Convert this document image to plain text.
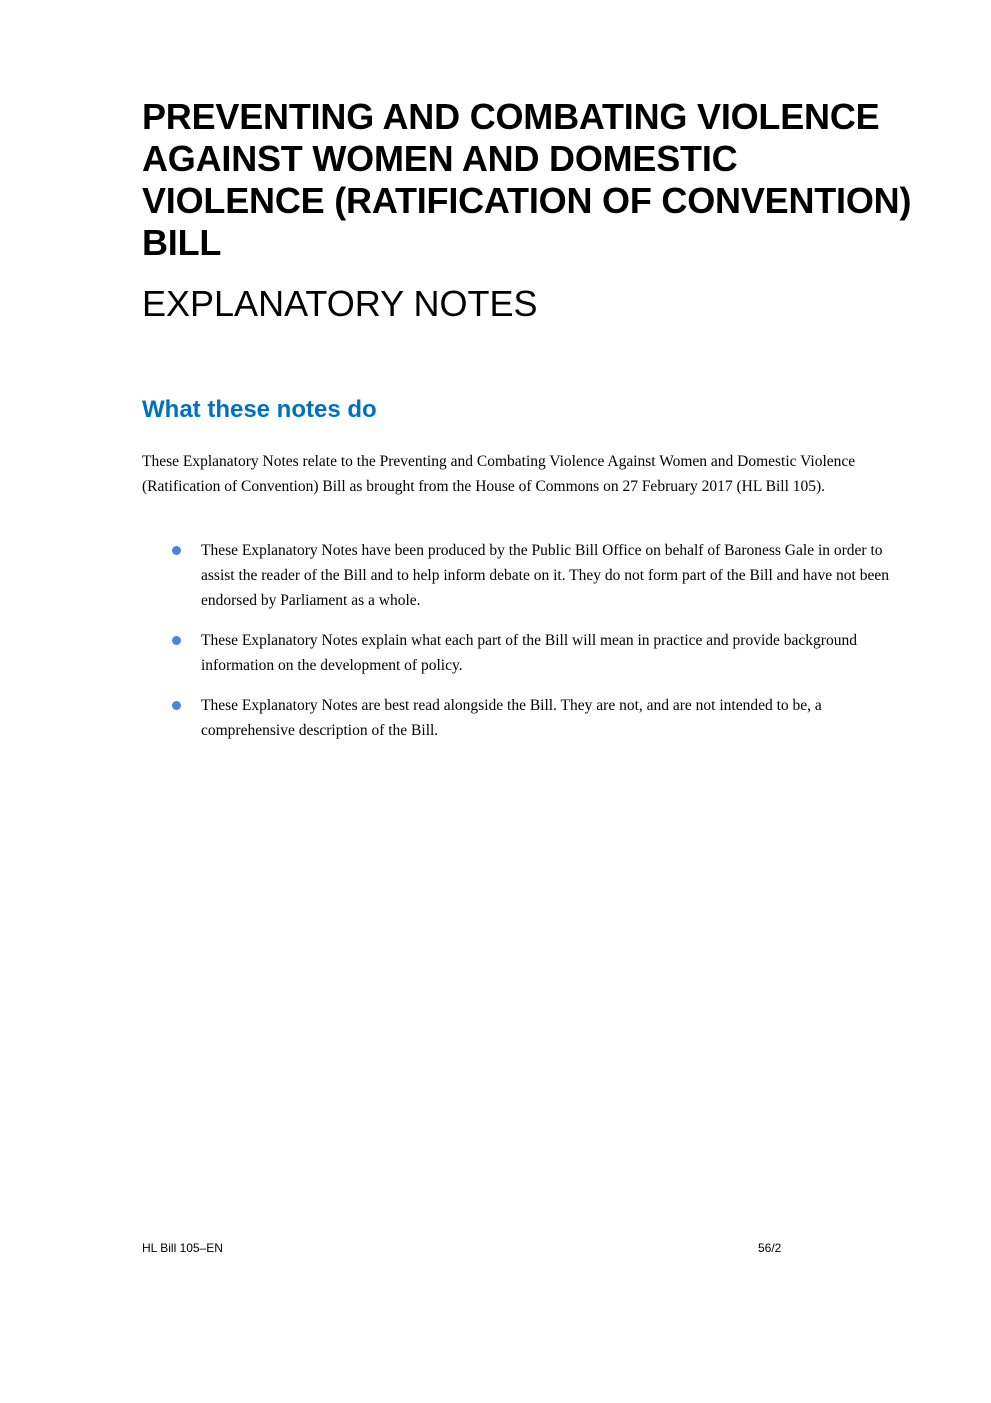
PREVENTING AND COMBATING VIOLENCE AGAINST WOMEN AND DOMESTIC VIOLENCE (RATIFICATION OF CONVENTION) BILL
EXPLANATORY NOTES
What these notes do

These Explanatory Notes relate to the Preventing and Combating Violence Against Women and Domestic Violence (Ratification of Convention) Bill as brought from the House of Commons on 27 February 2017 (HL Bill 105).

These Explanatory Notes have been produced by the Public Bill Office on behalf of Baroness Gale in order to assist the reader of the Bill and to help inform debate on it. They do not form part of the Bill and have not been endorsed by Parliament as a whole.
These Explanatory Notes explain what each part of the Bill will mean in practice and provide background information on the development of policy.
These Explanatory Notes are best read alongside the Bill. They are not, and are not intended to be, a comprehensive description of the Bill.
HL Bill 105–EN	56/2
